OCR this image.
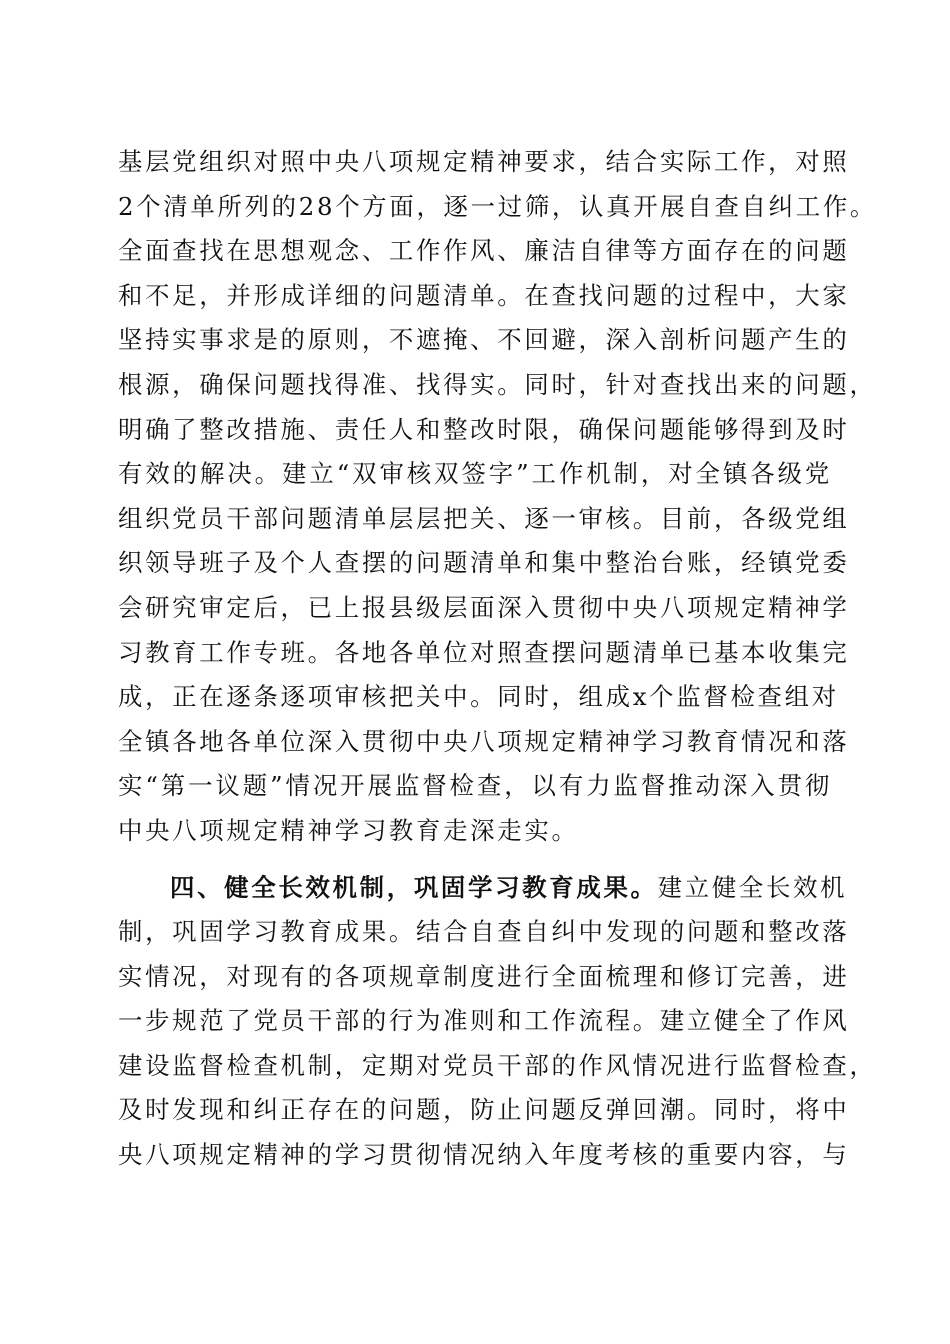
基层党组织对照中央八项规定精神要求，结合实际工作，对照
2个清单所列的28个方面，逐一过筛，认真开展自查自纠工作。
全面查找在思想观念、工作作风、廉洁自律等方面存在的问题
和不足，并形成详细的问题清单。在查找问题的过程中，大家
坚持实事求是的原则，不遮掩、不回避，深入剖析问题产生的
根源，确保问题找得准、找得实。同时，针对查找出来的问题，
明确了整改措施、责任人和整改时限，确保问题能够得到及时
有效的解决。建立“双审核双签字”工作机制，对全镇各级党
组织党员干部问题清单层层把关、逐一审核。目前，各级党组
织领导班子及个人查摆的问题清单和集中整治台账，经镇党委
会研究审定后，已上报县级层面深入贯彻中央八项规定精神学
习教育工作专班。各地各单位对照查摆问题清单已基本收集完
成，正在逐条逐项审核把关中。同时，组成x个监督检查组对
全镇各地各单位深入贯彻中央八项规定精神学习教育情况和落
实“第一议题”情况开展监督检查，以有力监督推动深入贯彻
中央八项规定精神学习教育走深走实。
四、健全长效机制，巩固学习教育成果。建立健全长效机
制，巩固学习教育成果。结合自查自纠中发现的问题和整改落
实情况，对现有的各项规章制度进行全面梳理和修订完善，进
一步规范了党员干部的行为准则和工作流程。建立健全了作风
建设监督检查机制，定期对党员干部的作风情况进行监督检查，
及时发现和纠正存在的问题，防止问题反弹回潮。同时，将中
央八项规定精神的学习贯彻情况纳入年度考核的重要内容，与
